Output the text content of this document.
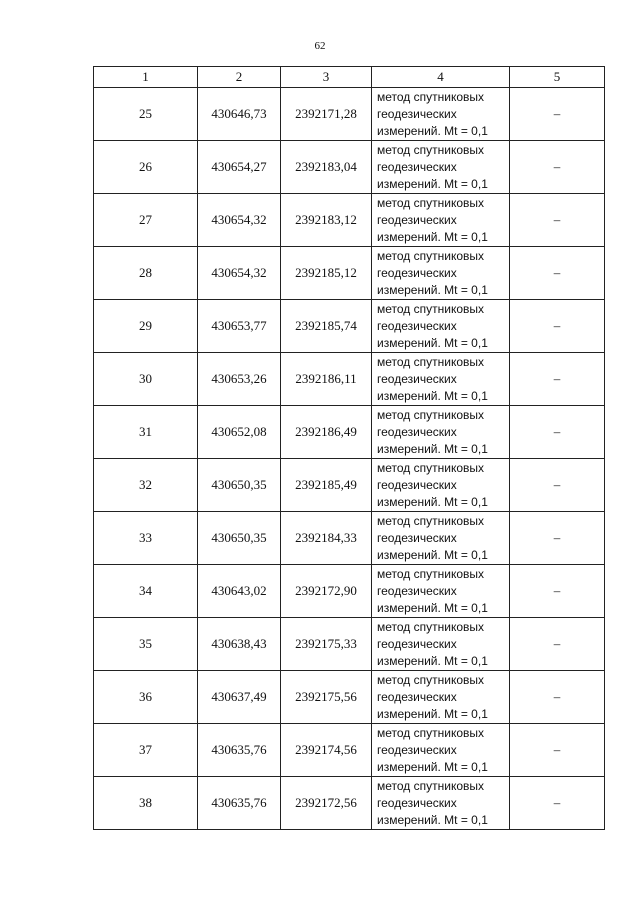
62
1	2	3	4	5
25	430646,73	2392171,28	метод спутниковых
геодезических
измерений. Mt = 0,1	–
26	430654,27	2392183,04	метод спутниковых
геодезических
измерений. Mt = 0,1	–
27	430654,32	2392183,12	метод спутниковых
геодезических
измерений. Mt = 0,1	–
28	430654,32	2392185,12	метод спутниковых
геодезических
измерений. Mt = 0,1	–
29	430653,77	2392185,74	метод спутниковых
геодезических
измерений. Mt = 0,1	–
30	430653,26	2392186,11	метод спутниковых
геодезических
измерений. Mt = 0,1	–
31	430652,08	2392186,49	метод спутниковых
геодезических
измерений. Mt = 0,1	–
32	430650,35	2392185,49	метод спутниковых
геодезических
измерений. Mt = 0,1	–
33	430650,35	2392184,33	метод спутниковых
геодезических
измерений. Mt = 0,1	–
34	430643,02	2392172,90	метод спутниковых
геодезических
измерений. Mt = 0,1	–
35	430638,43	2392175,33	метод спутниковых
геодезических
измерений. Mt = 0,1	–
36	430637,49	2392175,56	метод спутниковых
геодезических
измерений. Mt = 0,1	–
37	430635,76	2392174,56	метод спутниковых
геодезических
измерений. Mt = 0,1	–
38	430635,76	2392172,56	метод спутниковых
геодезических
измерений. Mt = 0,1	–
